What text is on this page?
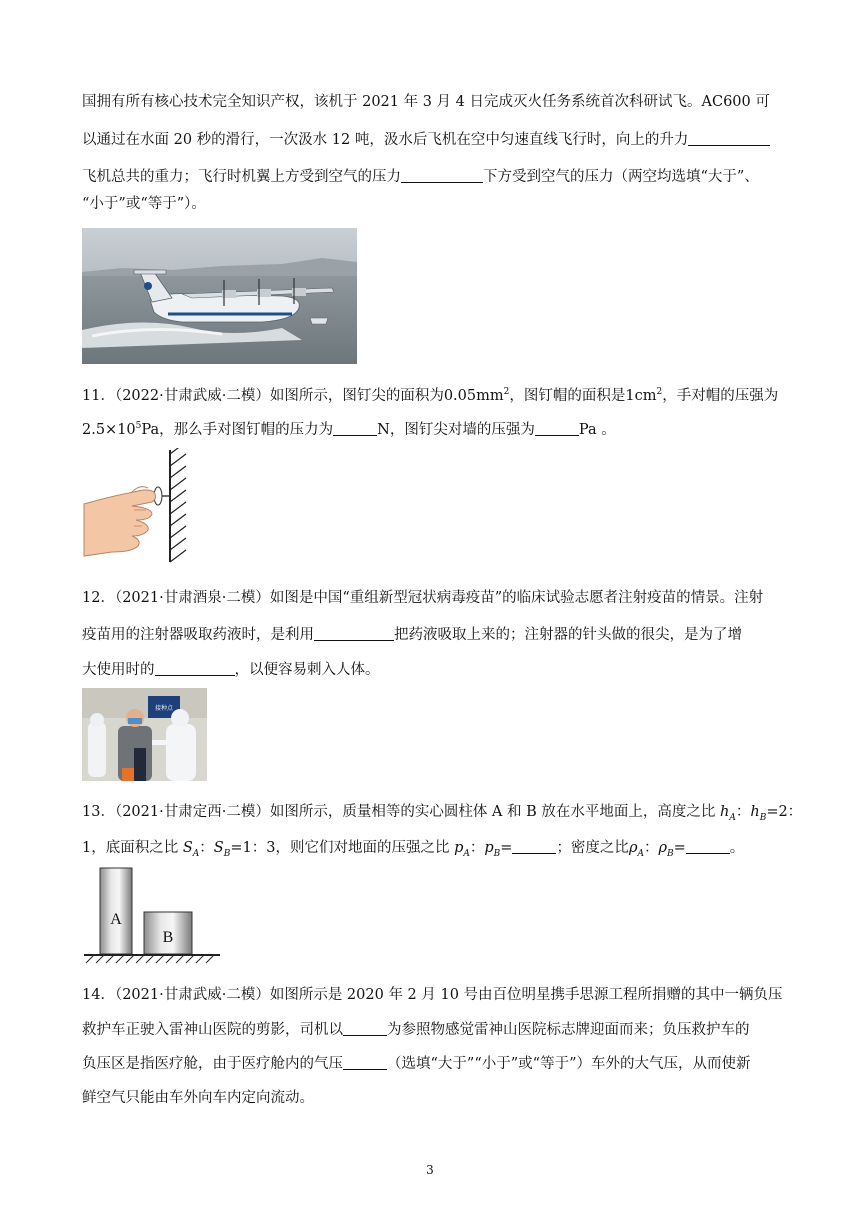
国拥有所有核心技术完全知识产权，该机于 2021 年 3 月 4 日完成灭火任务系统首次科研试飞。AC600 可
以通过在水面 20 秒的滑行，一次汲水 12 吨，汲水后飞机在空中匀速直线飞行时，向上的升力
飞机总共的重力；飞行时机翼上方受到空气的压力	下方受到空气的压力（两空均选填“大于”、
“小于”或“等于”）。
11．（2022·甘肃武威·二模）如图所示，图钉尖的面积为$0.05mm^2$，图钉帽的面积是$1cm^2$，手对帽的压强为
$2.5\times 10^5Pa$，那么手对图钉帽的压力为	N，图钉尖对墙的压强为	Pa 。
12．（2021·甘肃酒泉·二模）如图是中国“重组新型冠状病毒疫苗”的临床试验志愿者注射疫苗的情景。注射
疫苗用的注射器吸取药液时，是利用	把药液吸取上来的；注射器的针头做的很尖，是为了增
大使用时的	，以便容易刺入人体。
接种点
13．（2021·甘肃定西·二模）如图所示，质量相等的实心圆柱体 A 和 B 放在水平地面上，高度之比 $h_A$：$h_B=2$：
1，底面积之比 $S_A$：$S_B=1$：3，则它们对地面的压强之比 $p_A$：$p_B=$	；密度之比$\rho_A$：$\rho_B=$	。
A
B
14．（2021·甘肃武威·二模）如图所示是 2020 年 2 月 10 号由百位明星携手思源工程所捐赠的其中一辆负压
救护车正驶入雷神山医院的剪影，司机以	为参照物感觉雷神山医院标志牌迎面而来；负压救护车的
负压区是指医疗舱，由于医疗舱内的气压	（选填“大于”“小于”或“等于”）车外的大气压，从而使新
鲜空气只能由车外向车内定向流动。
3
